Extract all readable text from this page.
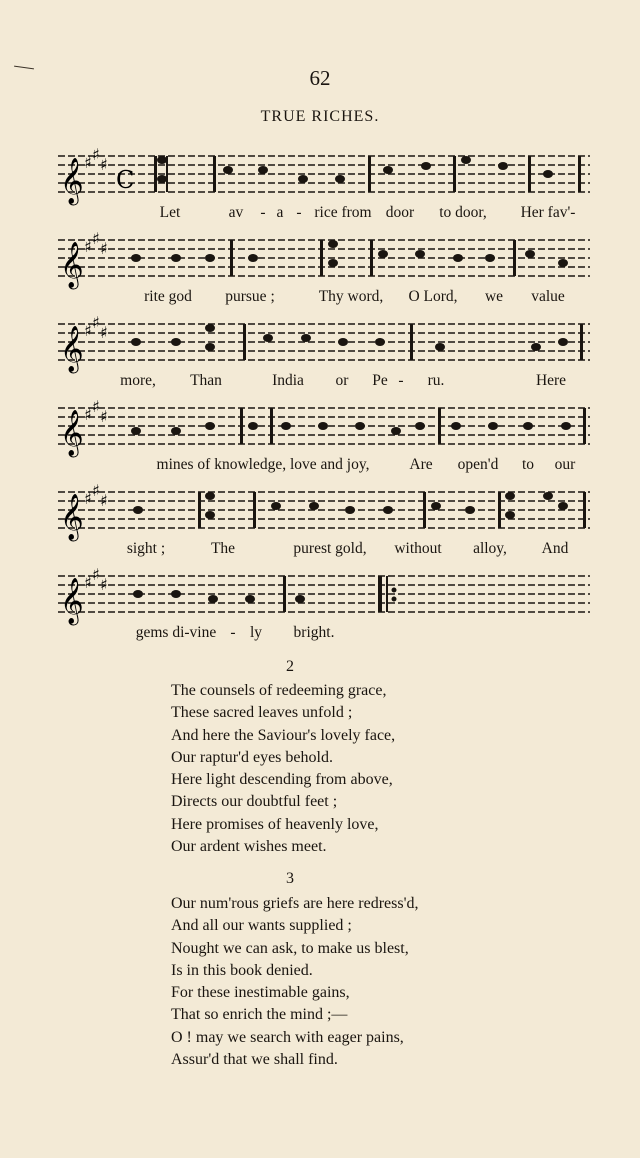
62
TRUE RICHES.
𝄞 ♯ ♯
♯
C
Let	av - a - rice from door to door, Her fav'-
𝄞 ♯ ♯
♯
rite god pursue ;	Thy word, O Lord, we value
𝄞 ♯ ♯
♯
more, Than	India or Pe - ru.	Here
𝄞 ♯ ♯
♯
mines of knowledge, love and joy,	Are open'd to our
𝄞 ♯ ♯
♯
sight ;	The	purest gold, without alloy, And
𝄞 ♯ ♯
♯
gems di-vine - ly bright.
2
The counsels of redeeming grace,
These sacred leaves unfold ;
And here the Saviour's lovely face,
Our raptur'd eyes behold.
Here light descending from above,
Directs our doubtful feet ;
Here promises of heavenly love,
Our ardent wishes meet.
3
Our num'rous griefs are here redress'd,
And all our wants supplied ;
Nought we can ask, to make us blest,
Is in this book denied.
For these inestimable gains,
That so enrich the mind ;—
O ! may we search with eager pains,
Assur'd that we shall find.
